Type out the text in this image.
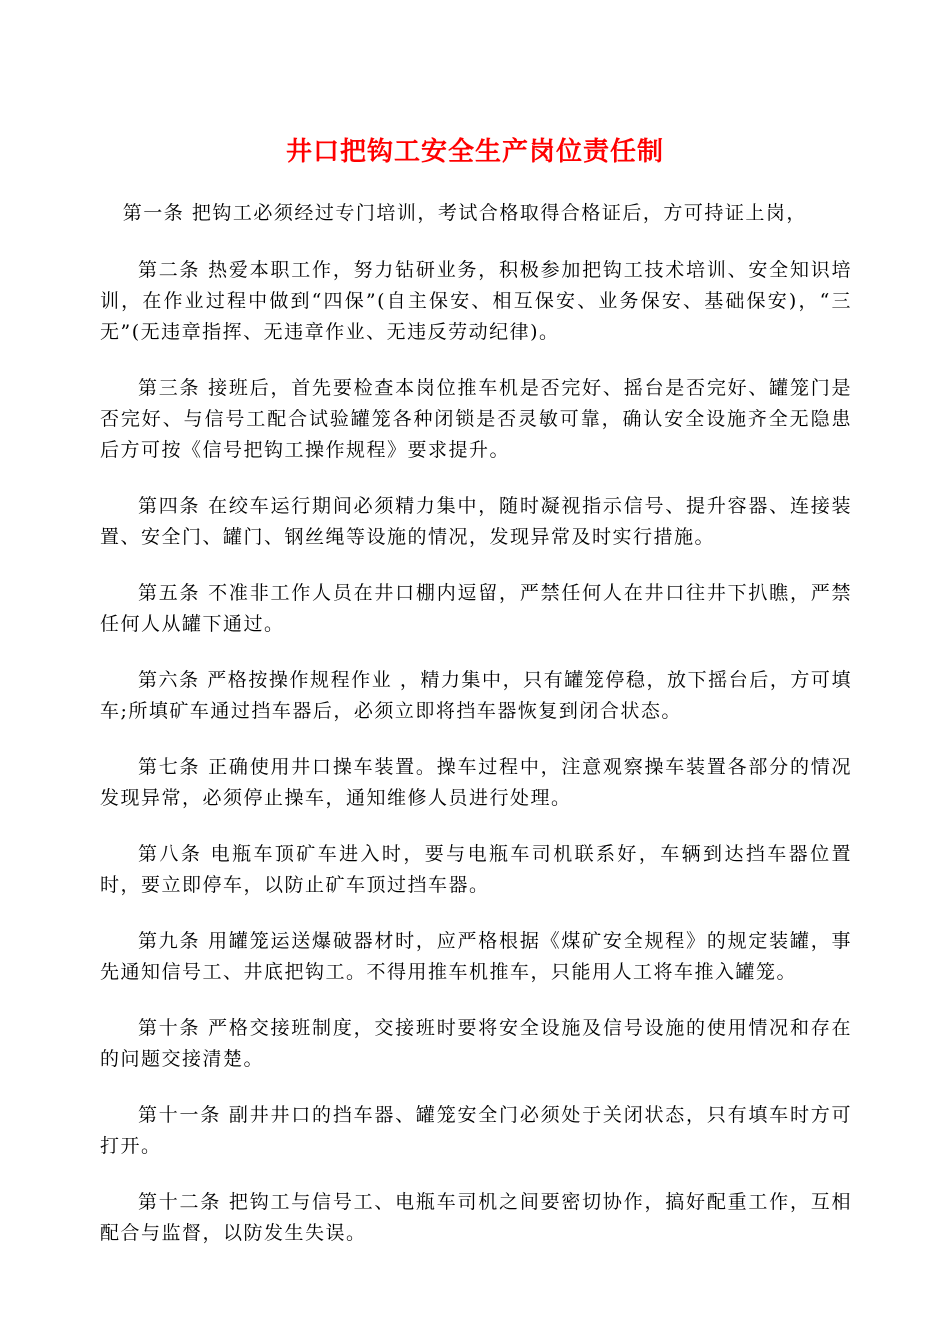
井口把钩工安全生产岗位责任制

第一条 把钩工必须经过专门培训，考试合格取得合格证后，方可持证上岗，

第二条 热爱本职工作，努力钻研业务，积极参加把钩工技术培训、安全知识培训，在作业过程中做到“四保”(自主保安、相互保安、业务保安、基础保安)，“三无”(无违章指挥、无违章作业、无违反劳动纪律)。

第三条 接班后，首先要检查本岗位推车机是否完好、摇台是否完好、罐笼门是否完好、与信号工配合试验罐笼各种闭锁是否灵敏可靠，确认安全设施齐全无隐患后方可按《信号把钩工操作规程》要求提升。

第四条 在绞车运行期间必须精力集中，随时凝视指示信号、提升容器、连接装置、安全门、罐门、钢丝绳等设施的情况，发现异常及时实行措施。

第五条 不准非工作人员在井口棚内逗留，严禁任何人在井口往井下扒瞧，严禁任何人从罐下通过。

第六条 严格按操作规程作业 ，精力集中，只有罐笼停稳，放下摇台后，方可填车;所填矿车通过挡车器后，必须立即将挡车器恢复到闭合状态。

第七条 正确使用井口操车装置。操车过程中，注意观察操车装置各部分的情况发现异常，必须停止操车，通知维修人员进行处理。

第八条 电瓶车顶矿车进入时，要与电瓶车司机联系好，车辆到达挡车器位置时，要立即停车，以防止矿车顶过挡车器。

第九条 用罐笼运送爆破器材时，应严格根据《煤矿安全规程》的规定装罐，事先通知信号工、井底把钩工。不得用推车机推车，只能用人工将车推入罐笼。

第十条 严格交接班制度，交接班时要将安全设施及信号设施的使用情况和存在的问题交接清楚。

第十一条 副井井口的挡车器、罐笼安全门必须处于关闭状态，只有填车时方可打开。

第十二条 把钩工与信号工、电瓶车司机之间要密切协作，搞好配重工作，互相配合与监督，以防发生失误。
